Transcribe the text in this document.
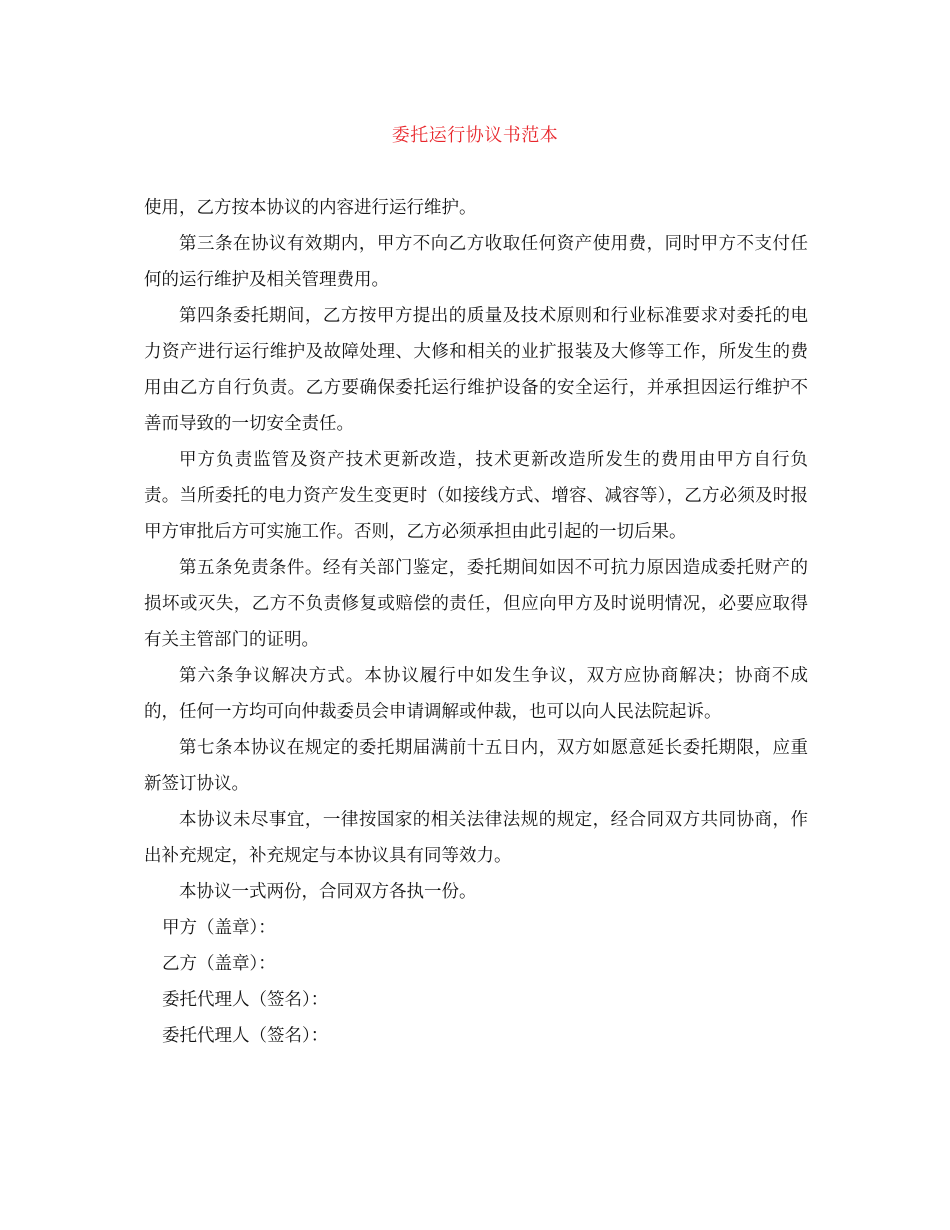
委托运行协议书范本

使用，乙方按本协议的内容进行运行维护。

第三条在协议有效期内，甲方不向乙方收取任何资产使用费，同时甲方不支付任何的运行维护及相关管理费用。

第四条委托期间，乙方按甲方提出的质量及技术原则和行业标准要求对委托的电力资产进行运行维护及故障处理、大修和相关的业扩报装及大修等工作，所发生的费用由乙方自行负责。乙方要确保委托运行维护设备的安全运行，并承担因运行维护不善而导致的一切安全责任。

甲方负责监管及资产技术更新改造，技术更新改造所发生的费用由甲方自行负责。当所委托的电力资产发生变更时（如接线方式、增容、减容等），乙方必须及时报甲方审批后方可实施工作。否则，乙方必须承担由此引起的一切后果。

第五条免责条件。经有关部门鉴定，委托期间如因不可抗力原因造成委托财产的损坏或灭失，乙方不负责修复或赔偿的责任，但应向甲方及时说明情况，必要应取得有关主管部门的证明。

第六条争议解决方式。本协议履行中如发生争议，双方应协商解决；协商不成的，任何一方均可向仲裁委员会申请调解或仲裁，也可以向人民法院起诉。

第七条本协议在规定的委托期届满前十五日内，双方如愿意延长委托期限，应重新签订协议。

本协议未尽事宜，一律按国家的相关法律法规的规定，经合同双方共同协商，作出补充规定，补充规定与本协议具有同等效力。

本协议一式两份，合同双方各执一份。

甲方（盖章）：

乙方（盖章）：

委托代理人（签名）：

委托代理人（签名）：
